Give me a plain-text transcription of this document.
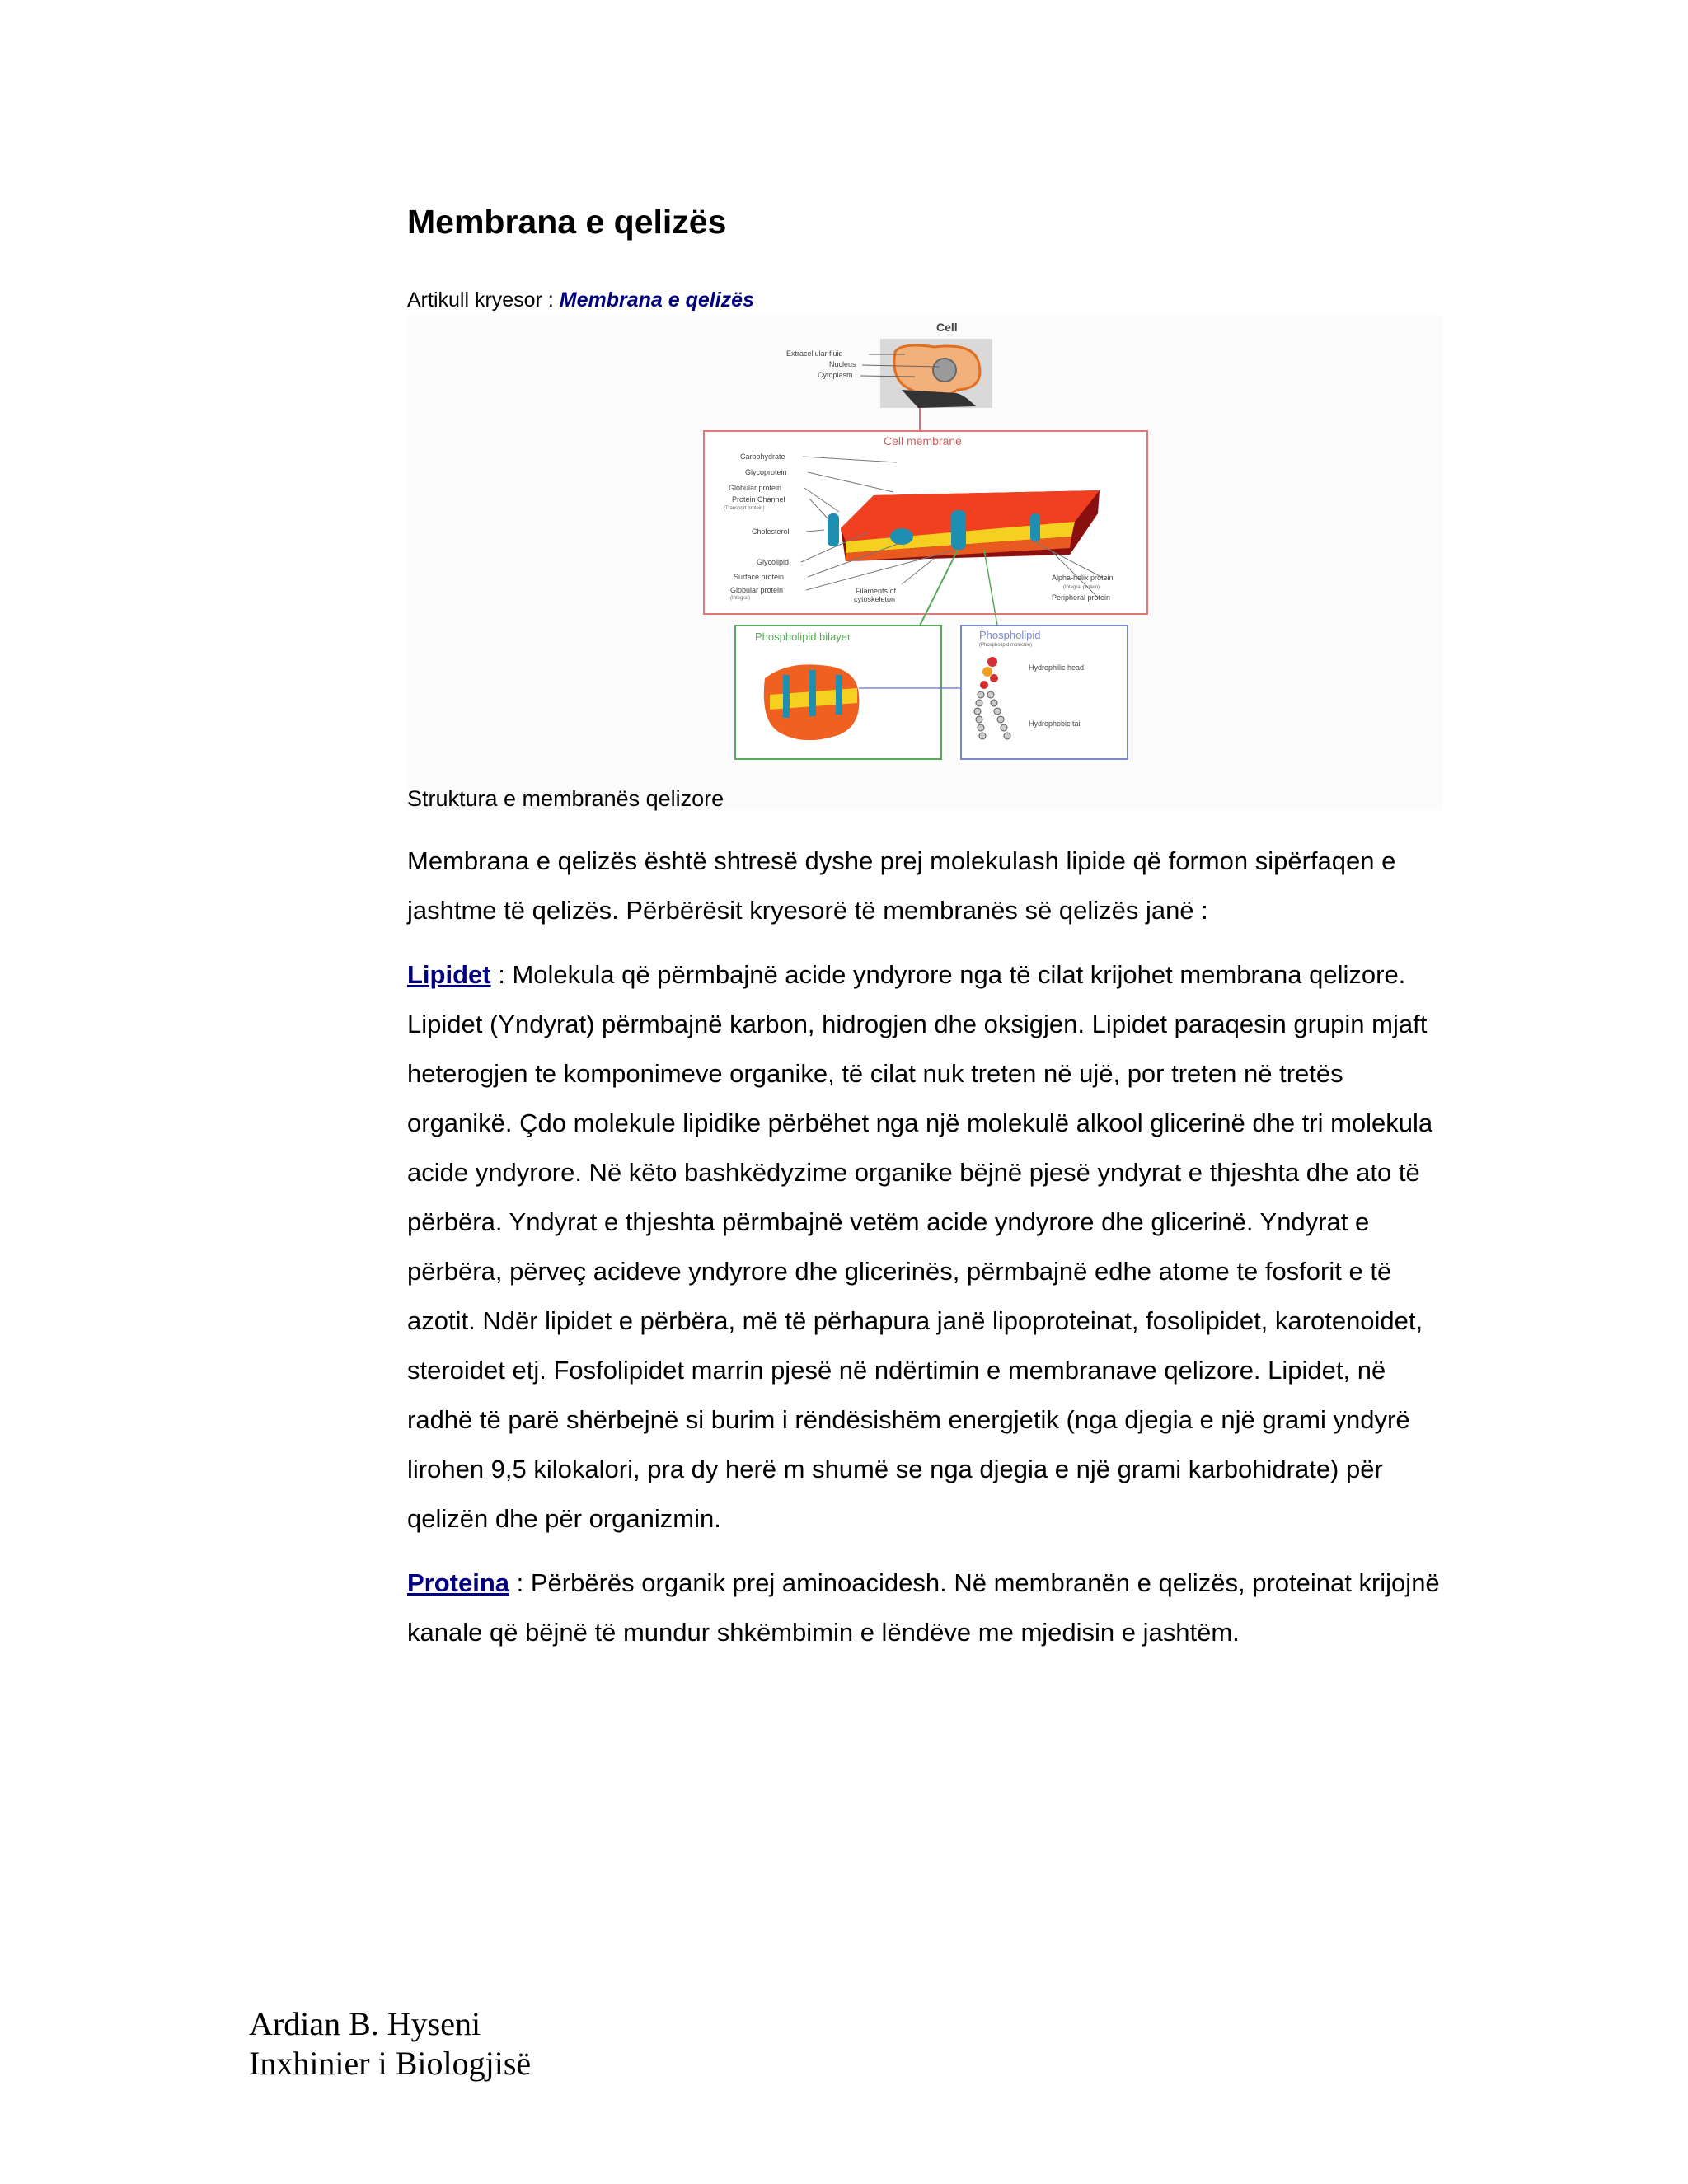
Membrana e qelizës
Artikull kryesor : Membrana e qelizës
Cell
Extracellular fluid
Nucleus
Cytoplasm
Cell membrane
Carbohydrate
Glycoprotein
Globular protein
Protein Channel
(Transport protein)
Cholesterol
Glycolipid
Surface protein
Globular protein
(Integral)
Filaments of
cytoskeleton
Alpha-helix protein
(Integral protein)
Peripheral protein
Phospholipid bilayer	Phospholipid
(Phospholipid molecule)
Hydrophilic head
Hydrophobic tail
Struktura e membranës qelizore

Membrana e qelizës është shtresë dyshe prej molekulash lipide që formon sipërfaqen e jashtme të qelizës. Përbërësit kryesorë të membranës së qelizës janë :

Lipidet : Molekula që përmbajnë acide yndyrore nga të cilat krijohet membrana qelizore. Lipidet (Yndyrat) përmbajnë karbon, hidrogjen dhe oksigjen. Lipidet paraqesin grupin mjaft heterogjen te komponimeve organike, të cilat nuk treten në ujë, por treten në tretës organikë. Çdo molekule lipidike përbëhet nga një molekulë alkool glicerinë dhe tri molekula acide yndyrore. Në këto bashkëdyzime organike bëjnë pjesë yndyrat e thjeshta dhe ato të përbëra. Yndyrat e thjeshta përmbajnë vetëm acide yndyrore dhe glicerinë. Yndyrat e përbëra, përveç acideve yndyrore dhe glicerinës, përmbajnë edhe atome te fosforit e të azotit. Ndër lipidet e përbëra, më të përhapura janë lipoproteinat, fosolipidet, karotenoidet, steroidet etj. Fosfolipidet marrin pjesë në ndërtimin e membranave qelizore. Lipidet, në radhë të parë shërbejnë si burim i rëndësishëm energjetik (nga djegia e një grami yndyrë lirohen 9,5 kilokalori, pra dy herë m shumë se nga djegia e një grami karbohidrate) për qelizën dhe për organizmin.

Proteina : Përbërës organik prej aminoacidesh. Në membranën e qelizës, proteinat krijojnë kanale që bëjnë të mundur shkëmbimin e lëndëve me mjedisin e jashtëm.

Ardian B. Hyseni
Inxhinier i Biologjisë
